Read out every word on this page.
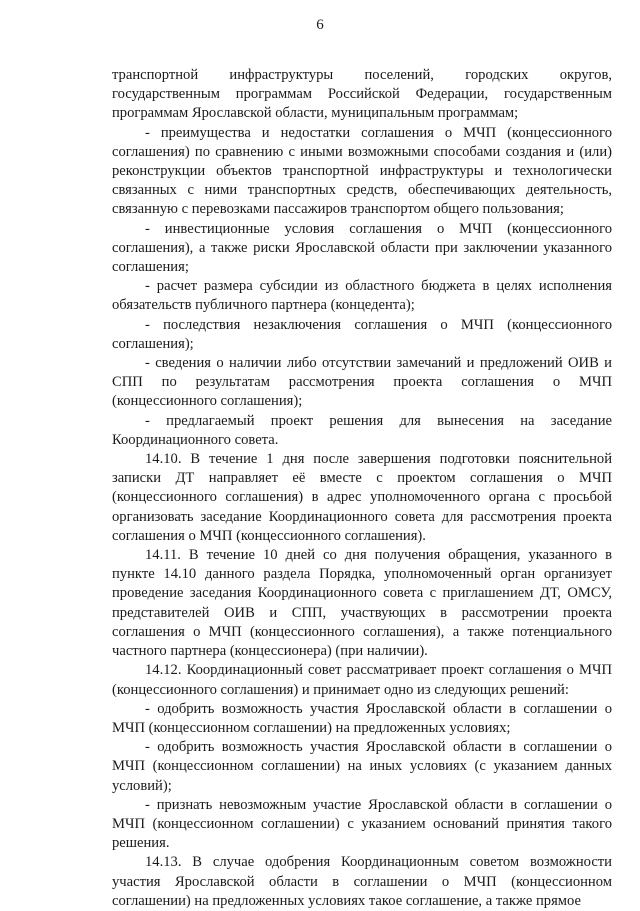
6

транспортной инфраструктуры поселений, городских округов, государственным программам Российской Федерации, государственным программам Ярославской области, муниципальным программам;

- преимущества и недостатки соглашения о МЧП (концессионного соглашения) по сравнению с иными возможными способами создания и (или) реконструкции объектов транспортной инфраструктуры и технологически связанных с ними транспортных средств, обеспечивающих деятельность, связанную с перевозками пассажиров транспортом общего пользования;

- инвестиционные условия соглашения о МЧП (концессионного соглашения), а также риски Ярославской области при заключении указанного соглашения;

- расчет размера субсидии из областного бюджета в целях исполнения обязательств публичного партнера (концедента);

- последствия незаключения соглашения о МЧП (концессионного соглашения);

- сведения о наличии либо отсутствии замечаний и предложений ОИВ и СПП по результатам рассмотрения проекта соглашения о МЧП (концессионного соглашения);

- предлагаемый проект решения для вынесения на заседание Координационного совета.

14.10. В течение 1 дня после завершения подготовки пояснительной записки ДТ направляет её вместе с проектом соглашения о МЧП (концессионного соглашения) в адрес уполномоченного органа с просьбой организовать заседание Координационного совета для рассмотрения проекта соглашения о МЧП (концессионного соглашения).

14.11. В течение 10 дней со дня получения обращения, указанного в пункте 14.10 данного раздела Порядка, уполномоченный орган организует проведение заседания Координационного совета с приглашением ДТ, ОМСУ, представителей ОИВ и СПП, участвующих в рассмотрении проекта соглашения о МЧП (концессионного соглашения), а также потенциального частного партнера (концессионера) (при наличии).

14.12. Координационный совет рассматривает проект соглашения о МЧП (концессионного соглашения) и принимает одно из следующих решений:

- одобрить возможность участия Ярославской области в соглашении о МЧП (концессионном соглашении) на предложенных условиях;

- одобрить возможность участия Ярославской области в соглашении о МЧП (концессионном соглашении) на иных условиях (с указанием данных условий);

- признать невозможным участие Ярославской области в соглашении о МЧП (концессионном соглашении) с указанием оснований принятия такого решения.

14.13. В случае одобрения Координационным советом возможности участия Ярославской области в соглашении о МЧП (концессионном соглашении) на предложенных условиях такое соглашение, а также прямое
